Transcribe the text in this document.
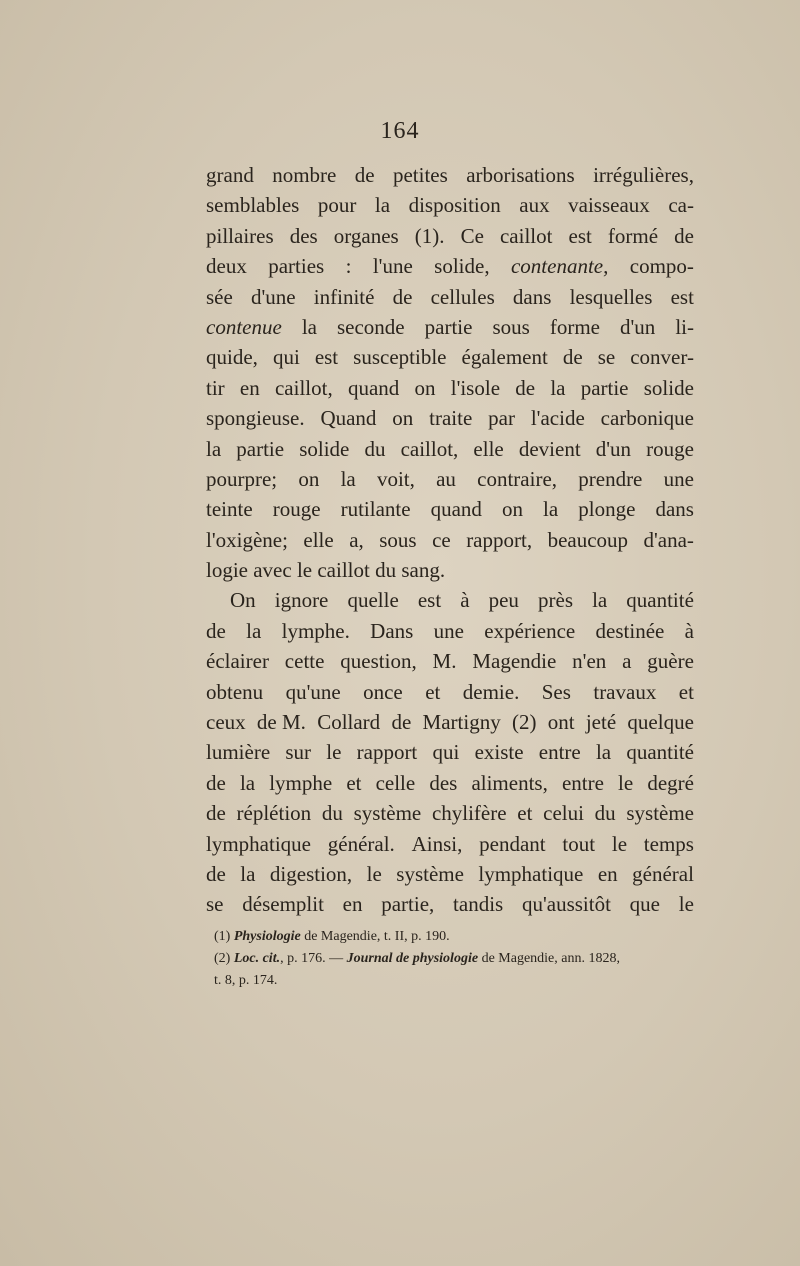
164
grand nombre de petites arborisations irrégulières,
semblables pour la disposition aux vaisseaux ca-
pillaires des organes (1). Ce caillot est formé de
deux parties : l'une solide, contenante, compo-
sée d'une infinité de cellules dans lesquelles est
contenue la seconde partie sous forme d'un li-
quide, qui est susceptible également de se conver-
tir en caillot, quand on l'isole de la partie solide
spongieuse. Quand on traite par l'acide carbonique
la partie solide du caillot, elle devient d'un rouge
pourpre; on la voit, au contraire, prendre une
teinte rouge rutilante quand on la plonge dans
l'oxigène; elle a, sous ce rapport, beaucoup d'ana-
logie avec le caillot du sang.
On ignore quelle est à peu près la quantité
de la lymphe. Dans une expérience destinée à
éclairer cette question, M. Magendie n'en a guère
obtenu qu'une once et demie. Ses travaux et
ceux de M. Collard de Martigny (2) ont jeté quelque
lumière sur le rapport qui existe entre la quantité
de la lymphe et celle des aliments, entre le degré
de réplétion du système chylifère et celui du système
lymphatique général. Ainsi, pendant tout le temps
de la digestion, le système lymphatique en général
se désemplit en partie, tandis qu'aussitôt que le
(1) Physiologie de Magendie, t. II, p. 190.
(2) Loc. cit., p. 176. — Journal de physiologie de Magendie, ann. 1828,
t. 8, p. 174.
